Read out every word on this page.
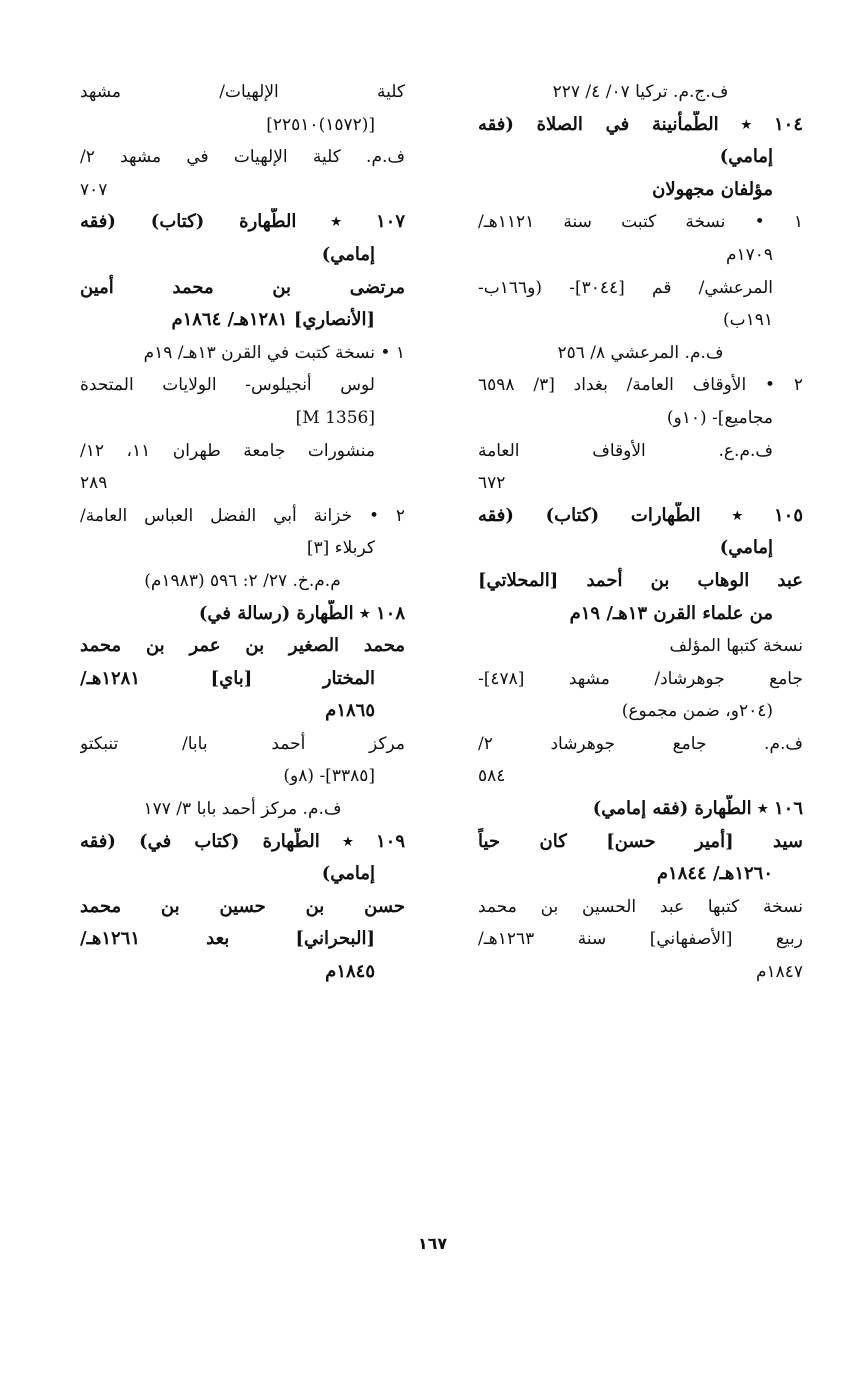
ف.ج.م. تركيا ٠٧/ ٤/ ٢٢٧
١٠٤ ٭ الطُّمأنينة في الصلاة (فقه
إمامي)
مؤلفان مجهولان
١ • نسخة كتبت سنة ١١٢١هـ/
١٧٠٩م
المرعشي/ قم [٣٠٤٤]- (و١٦٦ب-
١٩١ب)
ف.م. المرعشي ٨/ ٢٥٦
٢ • الأوقاف العامة/ بغداد [٣/ ٦٥٩٨
مجاميع]- (١٠و)
ف.م.ع. الأوقاف العامة
٦٧٢
١٠٥ ٭ الطَّهارات (كتاب) (فقه
إمامي)
عبد الوهاب بن أحمد [المحلاتي]
من علماء القرن ١٣هـ/ ١٩م
نسخة كتبها المؤلف
جامع جوهرشاد/ مشهد [٤٧٨]-
(٢٠٤و، ضمن مجموع)
ف.م. جامع جوهرشاد ٢/
٥٨٤
١٠٦ ٭ الطَّهارة (فقه إمامي)
سيد [أمير حسن] كان حياً
١٢٦٠هـ/ ١٨٤٤م
نسخة كتبها عبد الحسين بن محمد
ربيع [الأصفهاني] سنة ١٢٦٣هـ/
١٨٤٧م
كلية الإلهيات/ مشهد
[(١٥٧٢)٢٢٥١٠]
ف.م. كلية الإلهيات في مشهد ٢/
٧٠٧
١٠٧ ٭ الطَّهارة (كتاب) (فقه
إمامي)
مرتضى بن محمد أمين
[الأنصاري] ١٢٨١هـ/ ١٨٦٤م
١ • نسخة كتبت في القرن ١٣هـ/ ١٩م
لوس أنجيلوس- الولايات المتحدة
[M 1356]
منشورات جامعة طهران ١١، ١٢/
٢٨٩
٢ • خزانة أبي الفضل العباس العامة/
كربلاء [٣]
م.م.خ. ٢٧/ ٢: ٥٩٦ (١٩٨٣م)
١٠٨ ٭ الطَّهارة (رسالة في)
محمد الصغير بن عمر بن محمد
المختار [باي] ١٢٨١هـ/
١٨٦٥م
مركز أحمد بابا/ تنبكتو
[٣٣٨٥]- (٨و)
ف.م. مركز أحمد بابا ٣/ ١٧٧
١٠٩ ٭ الطَّهارة (كتاب في) (فقه
إمامي)
حسن بن حسين بن محمد
[البحراني] بعد ١٢٦١هـ/
١٨٤٥م
١٦٧
